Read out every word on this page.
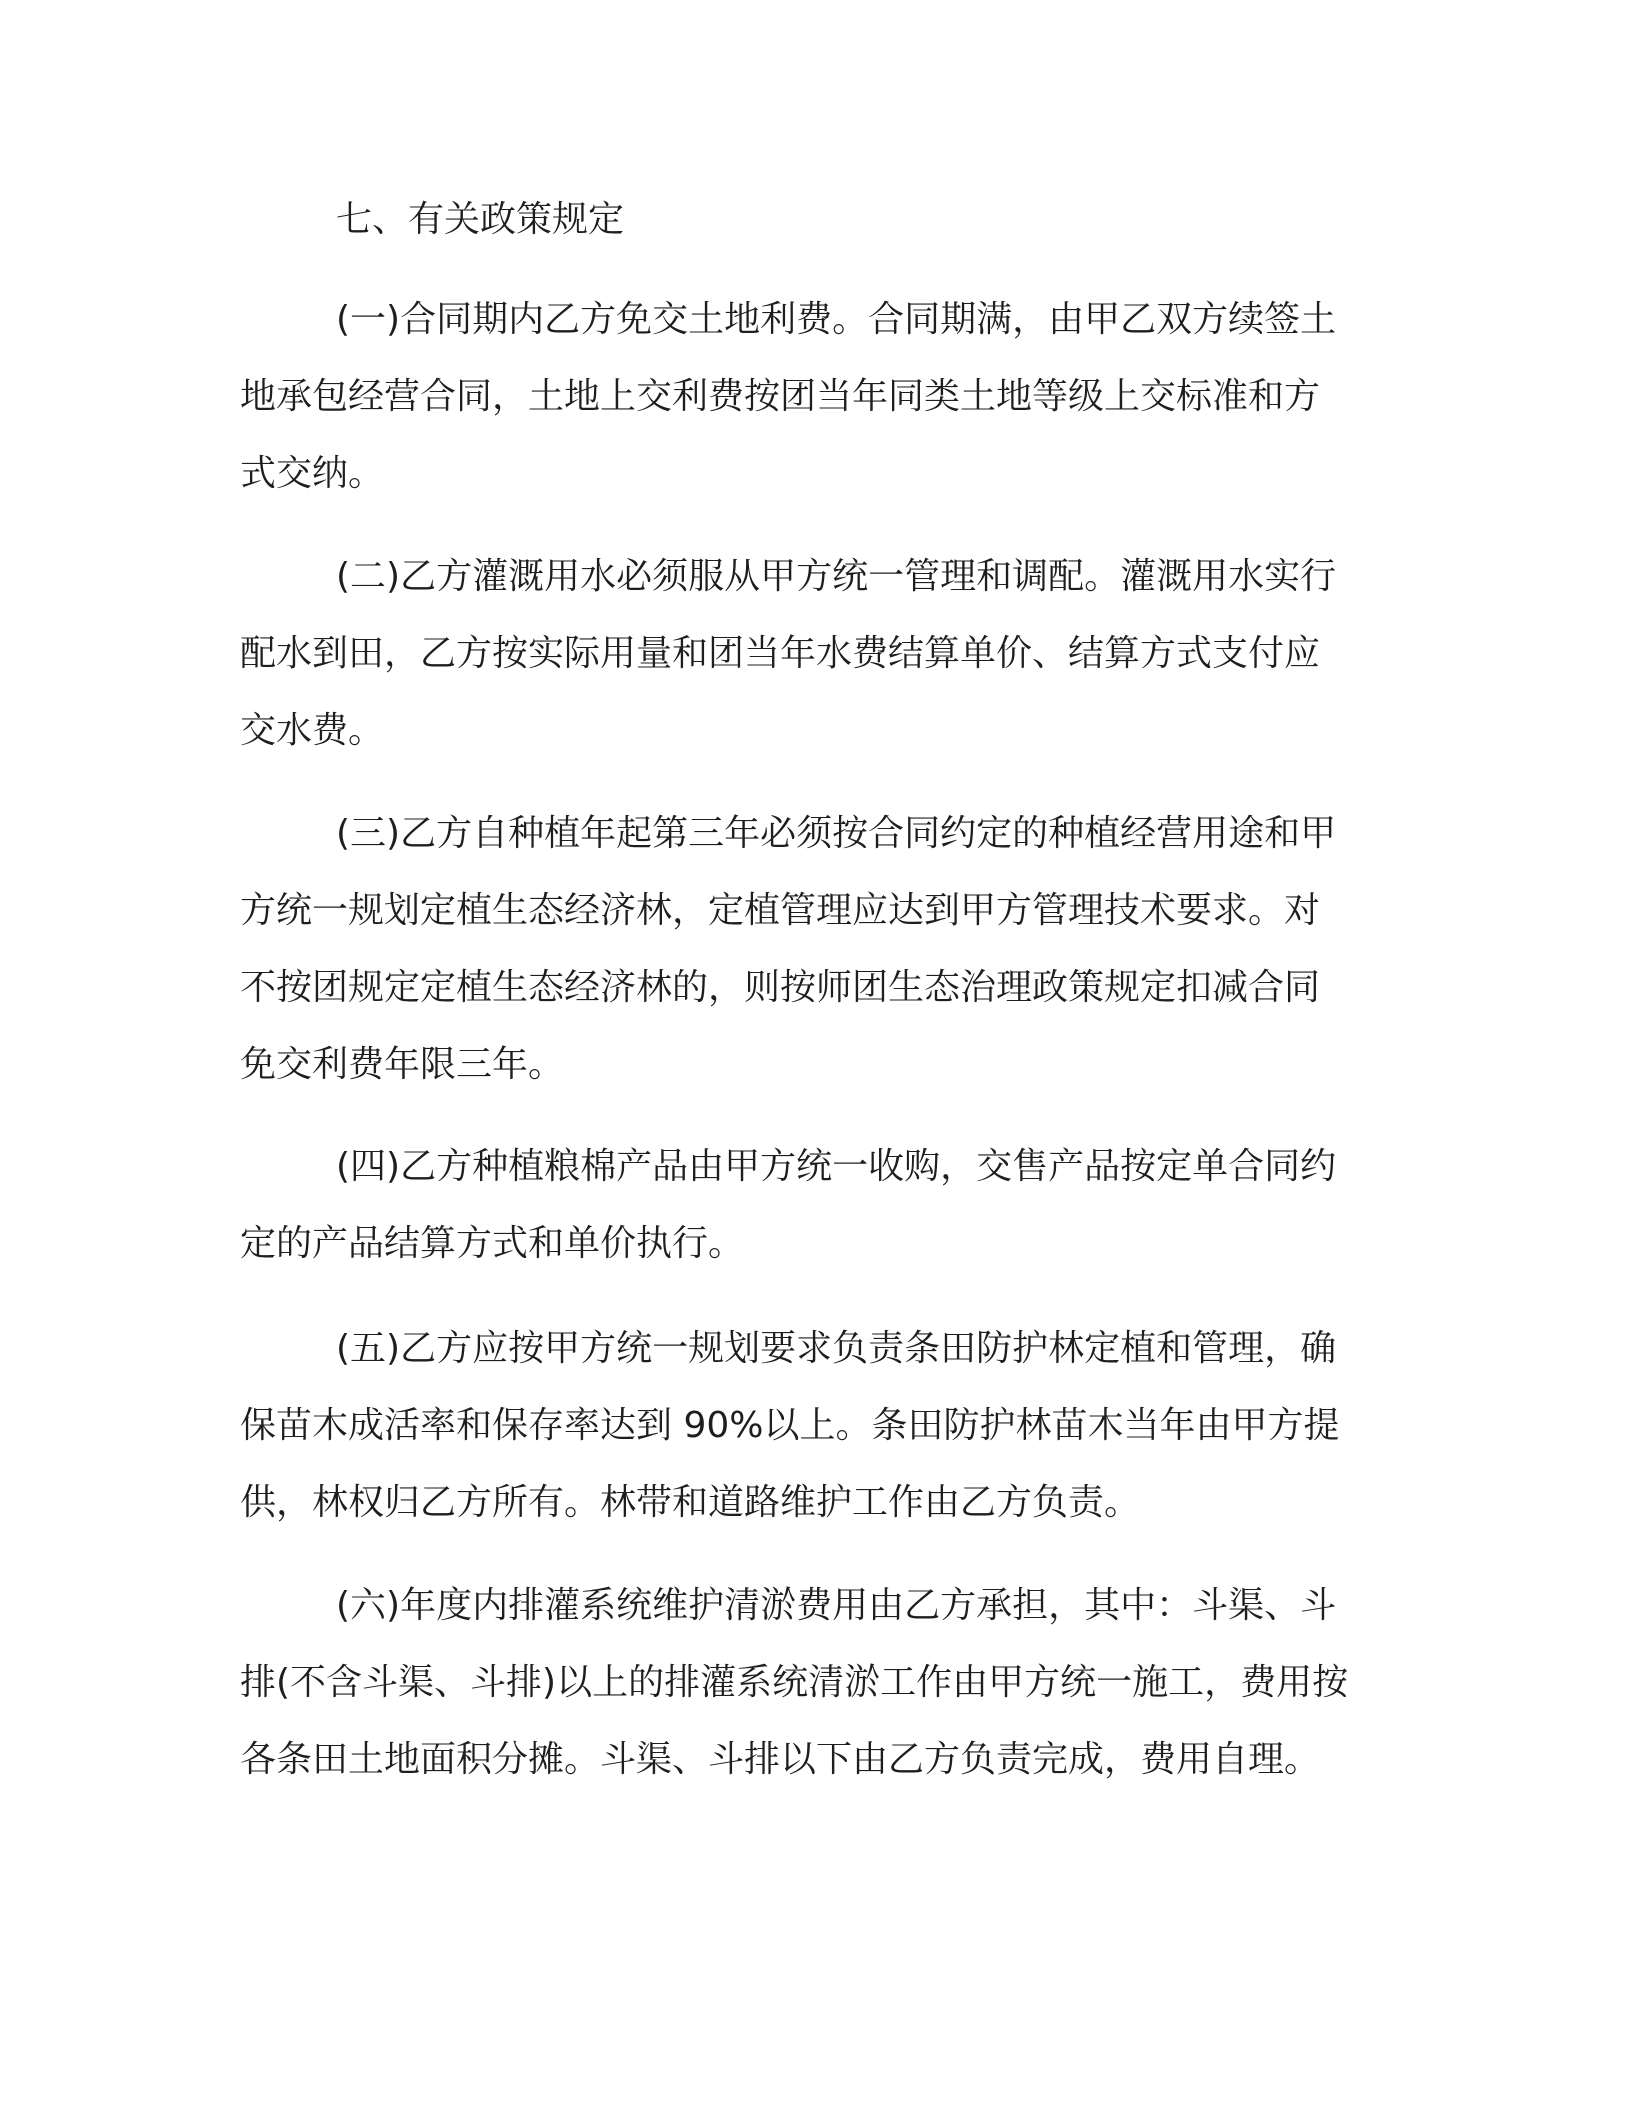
七、有关政策规定
(一)合同期内乙方免交土地利费。合同期满，由甲乙双方续签土
地承包经营合同，土地上交利费按团当年同类土地等级上交标准和方
式交纳。
(二)乙方灌溉用水必须服从甲方统一管理和调配。灌溉用水实行
配水到田，乙方按实际用量和团当年水费结算单价、结算方式支付应
交水费。
(三)乙方自种植年起第三年必须按合同约定的种植经营用途和甲
方统一规划定植生态经济林，定植管理应达到甲方管理技术要求。对
不按团规定定植生态经济林的，则按师团生态治理政策规定扣减合同
免交利费年限三年。
(四)乙方种植粮棉产品由甲方统一收购，交售产品按定单合同约
定的产品结算方式和单价执行。
(五)乙方应按甲方统一规划要求负责条田防护林定植和管理，确
保苗木成活率和保存率达到 90%以上。条田防护林苗木当年由甲方提
供，林权归乙方所有。林带和道路维护工作由乙方负责。
(六)年度内排灌系统维护清淤费用由乙方承担，其中：斗渠、斗
排(不含斗渠、斗排)以上的排灌系统清淤工作由甲方统一施工，费用按
各条田土地面积分摊。斗渠、斗排以下由乙方负责完成，费用自理。
